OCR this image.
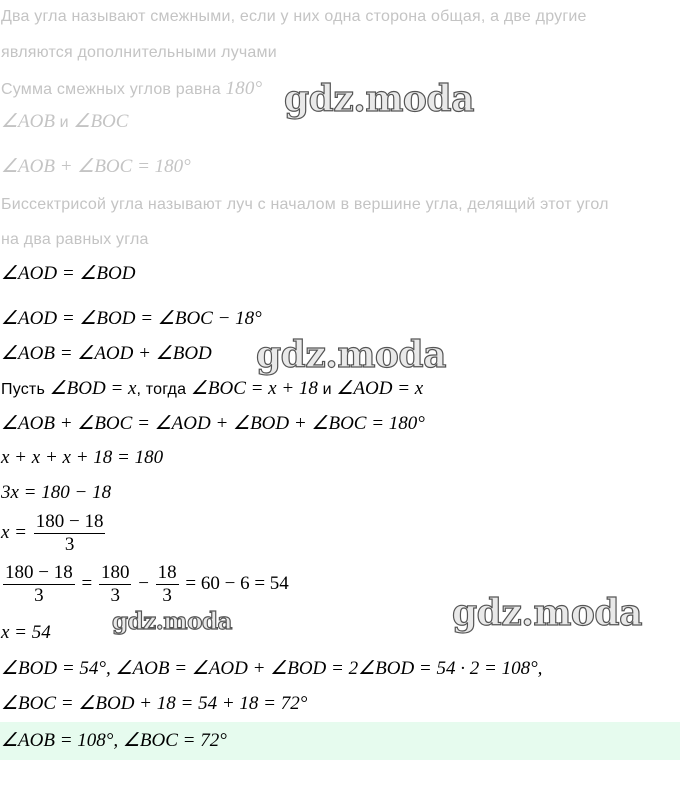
Два угла называют смежными, если у них одна сторона общая, а две другие
являются дополнительными лучами
Сумма смежных углов равна 180°
∠AOB и ∠BOC
∠AOB + ∠BOC = 180°
Биссектрисой угла называют луч с началом в вершине угла, делящий этот угол
на два равных угла
∠AOD = ∠BOD
∠AOD = ∠BOD = ∠BOC − 18°
∠AOB = ∠AOD + ∠BOD
Пусть ∠BOD = x, тогда ∠BOC = x + 18 и ∠AOD = x
∠AOB + ∠BOC = ∠AOD + ∠BOD + ∠BOC = 180°
x + x + x + 18 = 180
3x = 180 − 18
$x = \frac{180 - 18}{3}$
$\frac{180 - 18}{3} = \frac{180}{3} - \frac{18}{3} = 60 - 6 = 54$
x = 54
∠BOD = 54°, ∠AOB = ∠AOD + ∠BOD = 2∠BOD = 54 · 2 = 108°,
∠BOC = ∠BOD + 18 = 54 + 18 = 72°
∠AOB = 108°, ∠BOC = 72°
gdz.moda
gdz.moda
gdz.moda
gdz.moda
